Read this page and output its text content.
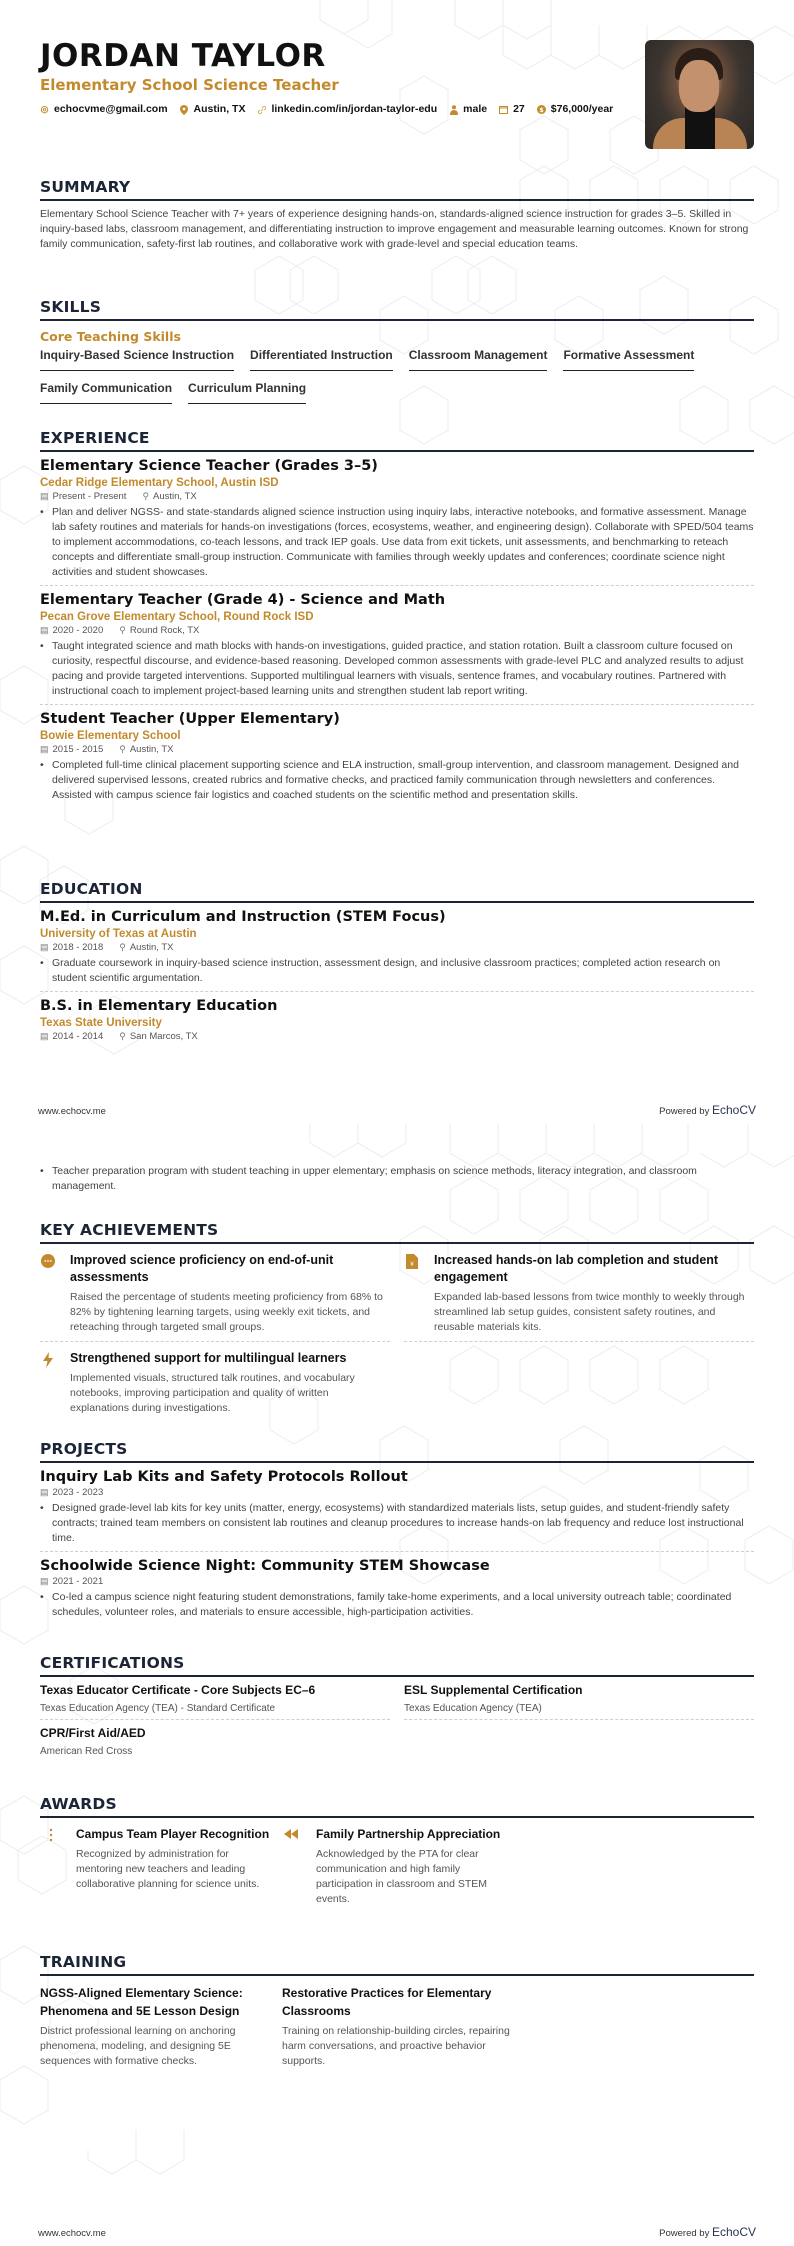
JORDAN TAYLOR
Elementary School Science Teacher
◎ echocvme@gmail.com Austin, TX linkedin.com/in/jordan-taylor-edu male 27 $ $76,000/year
SUMMARY
Elementary School Science Teacher with 7+ years of experience designing hands-on, standards-aligned science instruction for grades 3–5. Skilled in inquiry-based labs, classroom management, and differentiating instruction to improve engagement and measurable learning outcomes. Known for strong family communication, safety-first lab routines, and collaborative work with grade-level and special education teams.
SKILLS
Core Teaching Skills
Inquiry-Based Science Instruction Differentiated Instruction Classroom Management Formative Assessment
Family Communication Curriculum Planning
EXPERIENCE
Elementary Science Teacher (Grades 3–5)
Cedar Ridge Elementary School, Austin ISD
▤ Present - Present ⚲ Austin, TX
• Plan and deliver NGSS- and state-standards aligned science instruction using inquiry labs, interactive notebooks, and formative assessment. Manage lab safety routines and materials for hands-on investigations (forces, ecosystems, weather, and engineering design). Collaborate with SPED/504 teams to implement accommodations, co-teach lessons, and track IEP goals. Use data from exit tickets, unit assessments, and benchmarking to reteach concepts and differentiate small-group instruction. Communicate with families through weekly updates and conferences; coordinate science night activities and student showcases.
Elementary Teacher (Grade 4) - Science and Math
Pecan Grove Elementary School, Round Rock ISD
▤ 2020 - 2020 ⚲ Round Rock, TX
• Taught integrated science and math blocks with hands-on investigations, guided practice, and station rotation. Built a classroom culture focused on curiosity, respectful discourse, and evidence-based reasoning. Developed common assessments with grade-level PLC and analyzed results to adjust pacing and provide targeted interventions. Supported multilingual learners with visuals, sentence frames, and vocabulary routines. Partnered with instructional coach to implement project-based learning units and strengthen student lab report writing.
Student Teacher (Upper Elementary)
Bowie Elementary School
▤ 2015 - 2015 ⚲ Austin, TX
• Completed full-time clinical placement supporting science and ELA instruction, small-group intervention, and classroom management. Designed and delivered supervised lessons, created rubrics and formative checks, and practiced family communication through newsletters and conferences. Assisted with campus science fair logistics and coached students on the scientific method and presentation skills.
EDUCATION
M.Ed. in Curriculum and Instruction (STEM Focus)
University of Texas at Austin
▤ 2018 - 2018 ⚲ Austin, TX
• Graduate coursework in inquiry-based science instruction, assessment design, and inclusive classroom practices; completed action research on student scientific argumentation.
B.S. in Elementary Education
Texas State University
▤ 2014 - 2014 ⚲ San Marcos, TX
www.echocv.me	Powered by EchoCV
• Teacher preparation program with student teaching in upper elementary; emphasis on science methods, literacy integration, and classroom management.
KEY ACHIEVEMENTS
Improved science proficiency on end-of-unit assessments
Raised the percentage of students meeting proficiency from 68% to 82% by tightening learning targets, using weekly exit tickets, and reteaching through targeted small groups.
¥ Increased hands-on lab completion and student engagement
Expanded lab-based lessons from twice monthly to weekly through streamlined lab setup guides, consistent safety routines, and reusable materials kits.
Strengthened support for multilingual learners
Implemented visuals, structured talk routines, and vocabulary notebooks, improving participation and quality of written explanations during investigations.
PROJECTS
Inquiry Lab Kits and Safety Protocols Rollout
▤ 2023 - 2023
• Designed grade-level lab kits for key units (matter, energy, ecosystems) with standardized materials lists, setup guides, and student-friendly safety contracts; trained team members on consistent lab routines and cleanup procedures to increase hands-on lab frequency and reduce lost instructional time.
Schoolwide Science Night: Community STEM Showcase
▤ 2021 - 2021
• Co-led a campus science night featuring student demonstrations, family take-home experiments, and a local university outreach table; coordinated schedules, volunteer roles, and materials to ensure accessible, high-participation activities.
CERTIFICATIONS
Texas Educator Certificate - Core Subjects EC–6
Texas Education Agency (TEA) - Standard Certificate
ESL Supplemental Certification
Texas Education Agency (TEA)
CPR/First Aid/AED
American Red Cross
AWARDS
Campus Team Player Recognition
Recognized by administration for mentoring new teachers and leading collaborative planning for science units.
Family Partnership Appreciation
Acknowledged by the PTA for clear communication and high family participation in classroom and STEM events.
TRAINING
NGSS-Aligned Elementary Science: Phenomena and 5E Lesson Design
District professional learning on anchoring phenomena, modeling, and designing 5E sequences with formative checks.
Restorative Practices for Elementary Classrooms
Training on relationship-building circles, repairing harm conversations, and proactive behavior supports.
www.echocv.me	Powered by EchoCV
